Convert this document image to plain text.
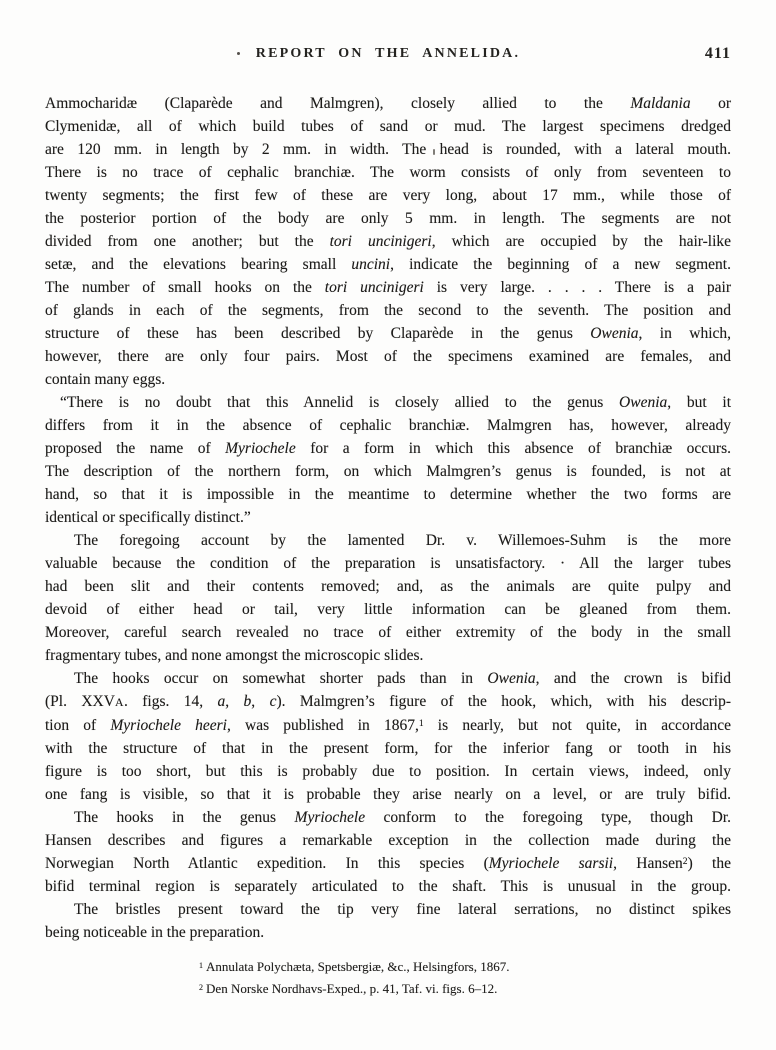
REPORT ON THE ANNELIDA.	411
Ammocharidæ (Claparède and Malmgren), closely allied to the Maldania or
Clymenidæ, all of which build tubes of sand or mud. The largest specimens dredged
are 120 mm. in length by 2 mm. in width. The head is rounded, with a lateral mouth.
There is no trace of cephalic branchiæ. The worm consists of only from seventeen to
twenty segments; the first few of these are very long, about 17 mm., while those of
the posterior portion of the body are only 5 mm. in length. The segments are not
divided from one another; but the tori uncinigeri, which are occupied by the hair-like
setæ, and the elevations bearing small uncini, indicate the beginning of a new segment.
The number of small hooks on the tori uncinigeri is very large. . . . . There is a pair
of glands in each of the segments, from the second to the seventh. The position and
structure of these has been described by Claparède in the genus Owenia, in which,
however, there are only four pairs. Most of the specimens examined are females, and
contain many eggs.
“There is no doubt that this Annelid is closely allied to the genus Owenia, but it
differs from it in the absence of cephalic branchiæ. Malmgren has, however, already
proposed the name of Myriochele for a form in which this absence of branchiæ occurs.
The description of the northern form, on which Malmgren’s genus is founded, is not at
hand, so that it is impossible in the meantime to determine whether the two forms are
identical or specifically distinct.”
The foregoing account by the lamented Dr. v. Willemoes-Suhm is the more
valuable because the condition of the preparation is unsatisfactory. · All the larger tubes
had been slit and their contents removed; and, as the animals are quite pulpy and
devoid of either head or tail, very little information can be gleaned from them.
Moreover, careful search revealed no trace of either extremity of the body in the small
fragmentary tubes, and none amongst the microscopic slides.
The hooks occur on somewhat shorter pads than in Owenia, and the crown is bifid
(Pl. XXVA. figs. 14, a, b, c). Malmgren’s figure of the hook, which, with his descrip-
tion of Myriochele heeri, was published in 1867,$^1$ is nearly, but not quite, in accordance
with the structure of that in the present form, for the inferior fang or tooth in his
figure is too short, but this is probably due to position. In certain views, indeed, only
one fang is visible, so that it is probable they arise nearly on a level, or are truly bifid.
The hooks in the genus Myriochele conform to the foregoing type, though Dr.
Hansen describes and figures a remarkable exception in the collection made during the
Norwegian North Atlantic expedition. In this species (Myriochele sarsii, Hansen$^2$) the
bifid terminal region is separately articulated to the shaft. This is unusual in the group.
The bristles present toward the tip very fine lateral serrations, no distinct spikes
being noticeable in the preparation.
$^1$ Annulata Polychæta, Spetsbergiæ, &c., Helsingfors, 1867.
$^2$ Den Norske Nordhavs-Exped., p. 41, Taf. vi. figs. 6–12.
